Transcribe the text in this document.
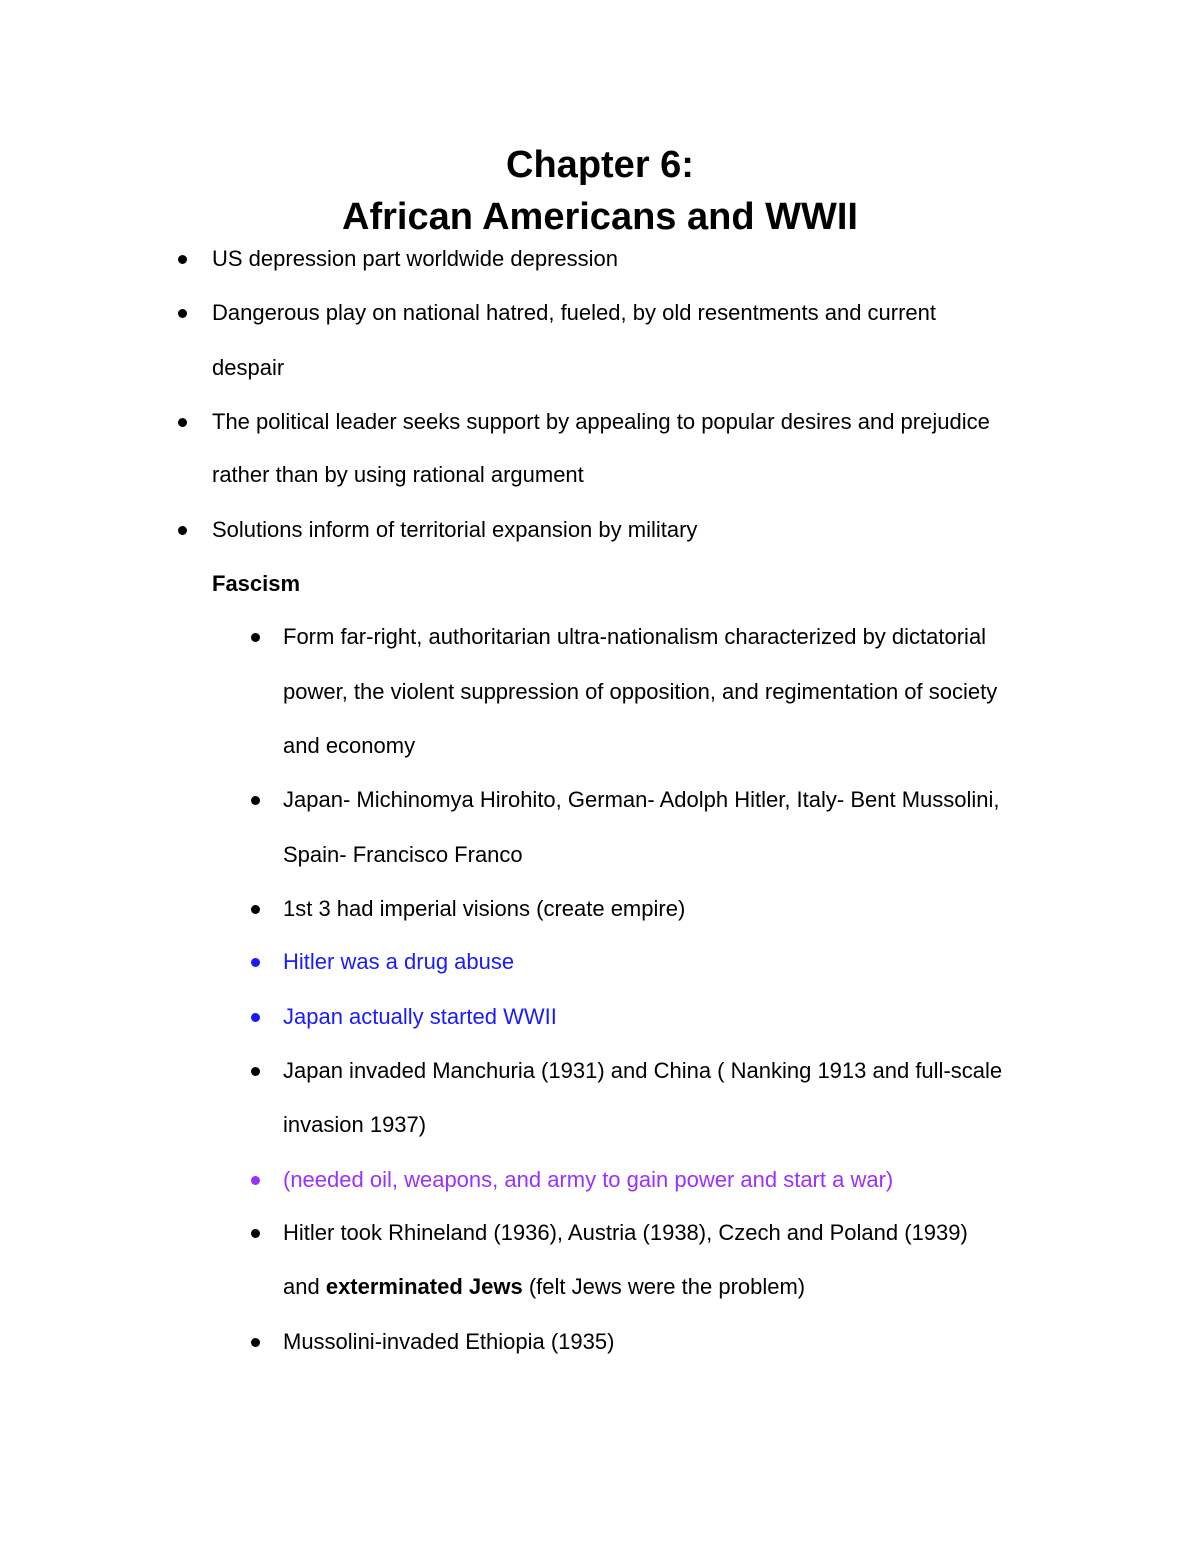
Chapter 6:
African Americans and WWII
US depression part worldwide depression
Dangerous play on national hatred, fueled, by old resentments and current
despair
The political leader seeks support by appealing to popular desires and prejudice
rather than by using rational argument
Solutions inform of territorial expansion by military
Fascism
Form far-right, authoritarian ultra-nationalism characterized by dictatorial
power, the violent suppression of opposition, and regimentation of society
and economy
Japan- Michinomya Hirohito, German- Adolph Hitler, Italy- Bent Mussolini,
Spain- Francisco Franco
1st 3 had imperial visions (create empire)
Hitler was a drug abuse
Japan actually started WWII
Japan invaded Manchuria (1931) and China ( Nanking 1913 and full-scale
invasion 1937)
(needed oil, weapons, and army to gain power and start a war)
Hitler took Rhineland (1936), Austria (1938), Czech and Poland (1939)
and exterminated Jews (felt Jews were the problem)
Mussolini-invaded Ethiopia (1935)
